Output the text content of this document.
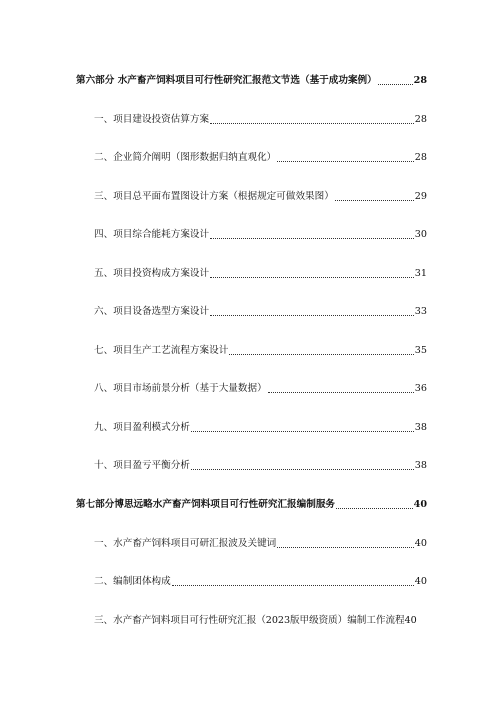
第六部分 水产畜产饲料项目可行性研究汇报范文节选（基于成功案例）	28
一、项目建设投资估算方案	28
二、企业简介阐明（图形数据归纳直观化）	28
三、项目总平面布置图设计方案（根据规定可做效果图）	29
四、项目综合能耗方案设计	30
五、项目投资构成方案设计	31
六、项目设备选型方案设计	33
七、项目生产工艺流程方案设计	35
八、项目市场前景分析（基于大量数据）	36
九、项目盈利模式分析	38
十、项目盈亏平衡分析	38
第七部分博思远略水产畜产饲料项目可行性研究汇报编制服务	40
一、水产畜产饲料项目可研汇报波及关键词	40
二、编制团体构成	40
三、水产畜产饲料项目可行性研究汇报（2023版甲级资质）编制工作流程 40
